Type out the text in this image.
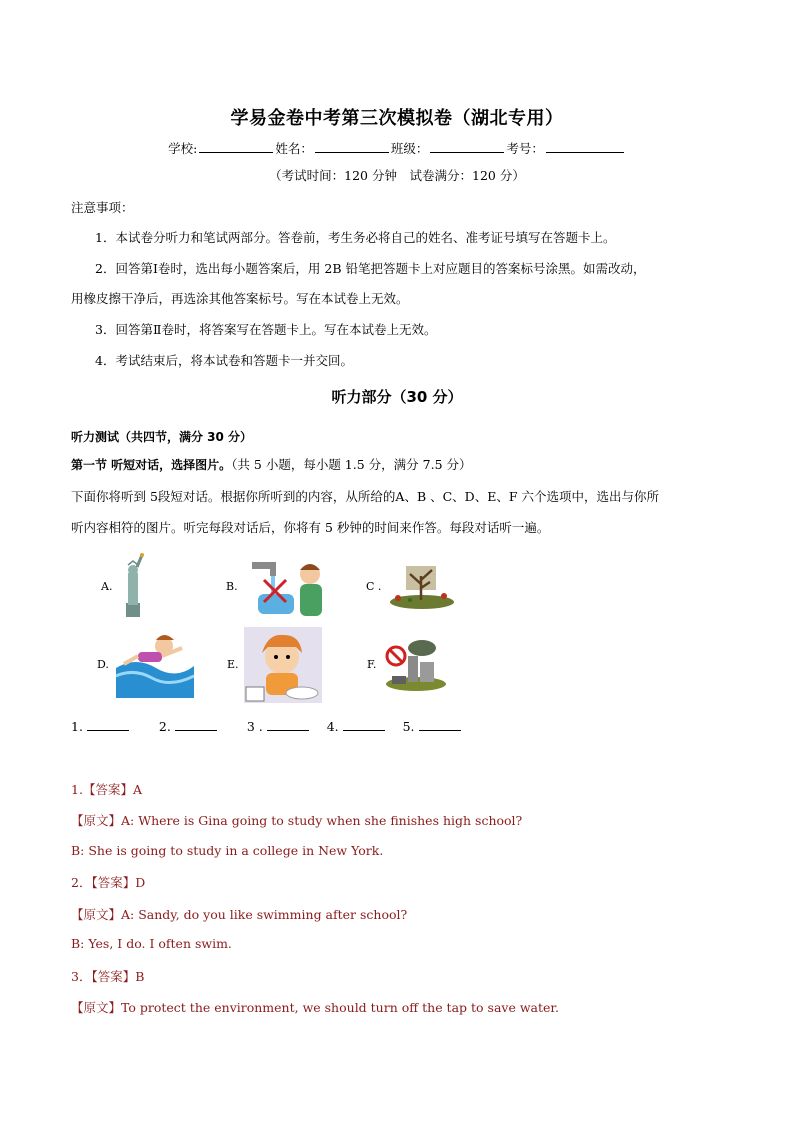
学易金卷中考第三次模拟卷（湖北专用）
学校:	姓名：	班级：	考号：
（考试时间：120 分钟　试卷满分：120 分）
注意事项：
1．本试卷分听力和笔试两部分。答卷前，考生务必将自己的姓名、准考证号填写在答题卡上。
2．回答第Ⅰ卷时，选出每小题答案后，用 2B 铅笔把答题卡上对应题目的答案标号涂黑。如需改动，
用橡皮擦干净后，再选涂其他答案标号。写在本试卷上无效。
3．回答第Ⅱ卷时，将答案写在答题卡上。写在本试卷上无效。
4．考试结束后，将本试卷和答题卡一并交回。
听力部分（30 分）
听力测试（共四节，满分 30 分）
第一节 听短对话，选择图片。（共 5 小题，每小题 1.5 分，满分 7.5 分）
下面你将听到 5段短对话。根据你所听到的内容，从所给的A、B 、C、D、E、F 六个选项中，选出与你所
听内容相符的图片。听完每段对话后，你将有 5 秒钟的时间来作答。每段对话听一遍。
A.	B.	C .
D.	E.	F.
1.	2.	3 .	4.	5.
1.【答案】A
【原文】A: Where is Gina going to study when she finishes high school?
B: She is going to study in a college in New York.
2．【答案】D
【原文】A: Sandy, do you like swimming after school?
B: Yes, I do. I often swim.
3．【答案】B
【原文】To protect the environment, we should turn off the tap to save water.
